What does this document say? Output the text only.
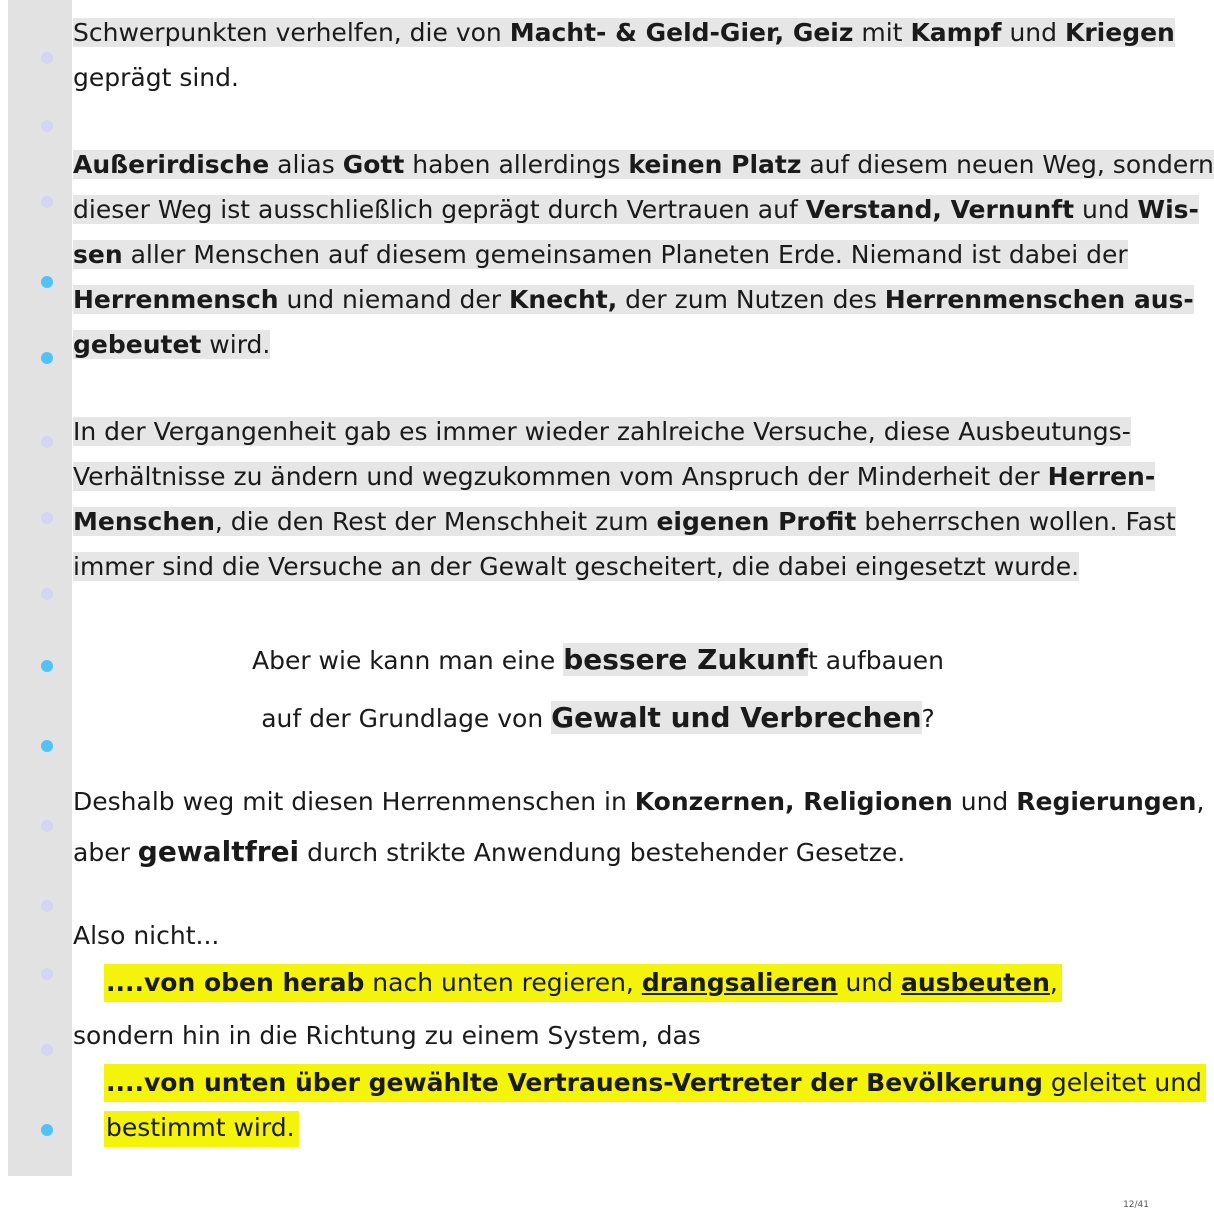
Schwerpunkten verhelfen, die von Macht- & Geld-Gier, Geiz mit Kampf und Kriegen
geprägt sind.
Außerirdische alias Gott haben allerdings keinen Platz auf diesem neuen Weg, sondern
dieser Weg ist ausschließlich geprägt durch Vertrauen auf Verstand, Vernunft und Wis-
sen aller Menschen auf diesem gemeinsamen Planeten Erde. Niemand ist dabei der
Herrenmensch und niemand der Knecht, der zum Nutzen des Herrenmenschen aus-
gebeutet wird.
In der Vergangenheit gab es immer wieder zahlreiche Versuche, diese Ausbeutungs-
Verhältnisse zu ändern und wegzukommen vom Anspruch der Minderheit der Herren-
Menschen, die den Rest der Menschheit zum eigenen Profit beherrschen wollen. Fast
immer sind die Versuche an der Gewalt gescheitert, die dabei eingesetzt wurde.
Aber wie kann man eine bessere Zukunft aufbauen
auf der Grundlage von Gewalt und Verbrechen?
Deshalb weg mit diesen Herrenmenschen in Konzernen, Religionen und Regierungen,
aber gewaltfrei durch strikte Anwendung bestehender Gesetze.
Also nicht...
....von oben herab nach unten regieren, drangsalieren und ausbeuten,
sondern hin in die Richtung zu einem System, das
....von unten über gewählte Vertrauens-Vertreter der Bevölkerung geleitet und
bestimmt wird.
12/41
